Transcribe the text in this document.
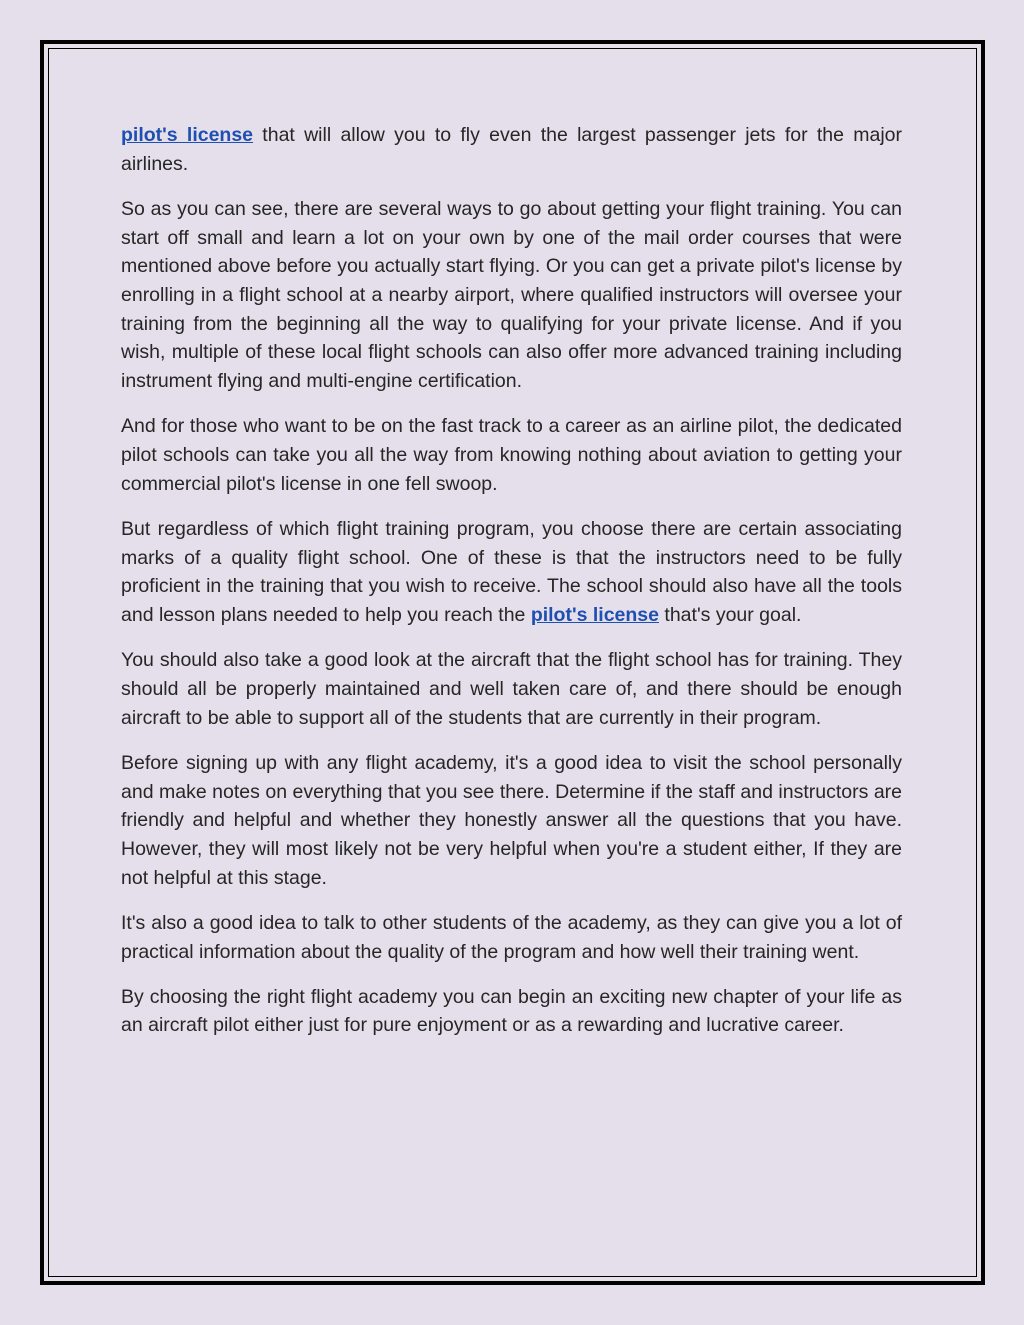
pilot's license that will allow you to fly even the largest passenger jets for the major airlines.

So as you can see, there are several ways to go about getting your flight training. You can start off small and learn a lot on your own by one of the mail order courses that were mentioned above before you actually start flying. Or you can get a private pilot's license by enrolling in a flight school at a nearby airport, where qualified instructors will oversee your training from the beginning all the way to qualifying for your private license. And if you wish, multiple of these local flight schools can also offer more advanced training including instrument flying and multi-engine certification.

And for those who want to be on the fast track to a career as an airline pilot, the dedicated pilot schools can take you all the way from knowing nothing about aviation to getting your commercial pilot's license in one fell swoop.

But regardless of which flight training program, you choose there are certain associating marks of a quality flight school. One of these is that the instructors need to be fully proficient in the training that you wish to receive. The school should also have all the tools and lesson plans needed to help you reach the pilot's license that's your goal.

You should also take a good look at the aircraft that the flight school has for training. They should all be properly maintained and well taken care of, and there should be enough aircraft to be able to support all of the students that are currently in their program.

Before signing up with any flight academy, it's a good idea to visit the school personally and make notes on everything that you see there. Determine if the staff and instructors are friendly and helpful and whether they honestly answer all the questions that you have. However, they will most likely not be very helpful when you're a student either, If they are not helpful at this stage.

It's also a good idea to talk to other students of the academy, as they can give you a lot of practical information about the quality of the program and how well their training went.

By choosing the right flight academy you can begin an exciting new chapter of your life as an aircraft pilot either just for pure enjoyment or as a rewarding and lucrative career.
